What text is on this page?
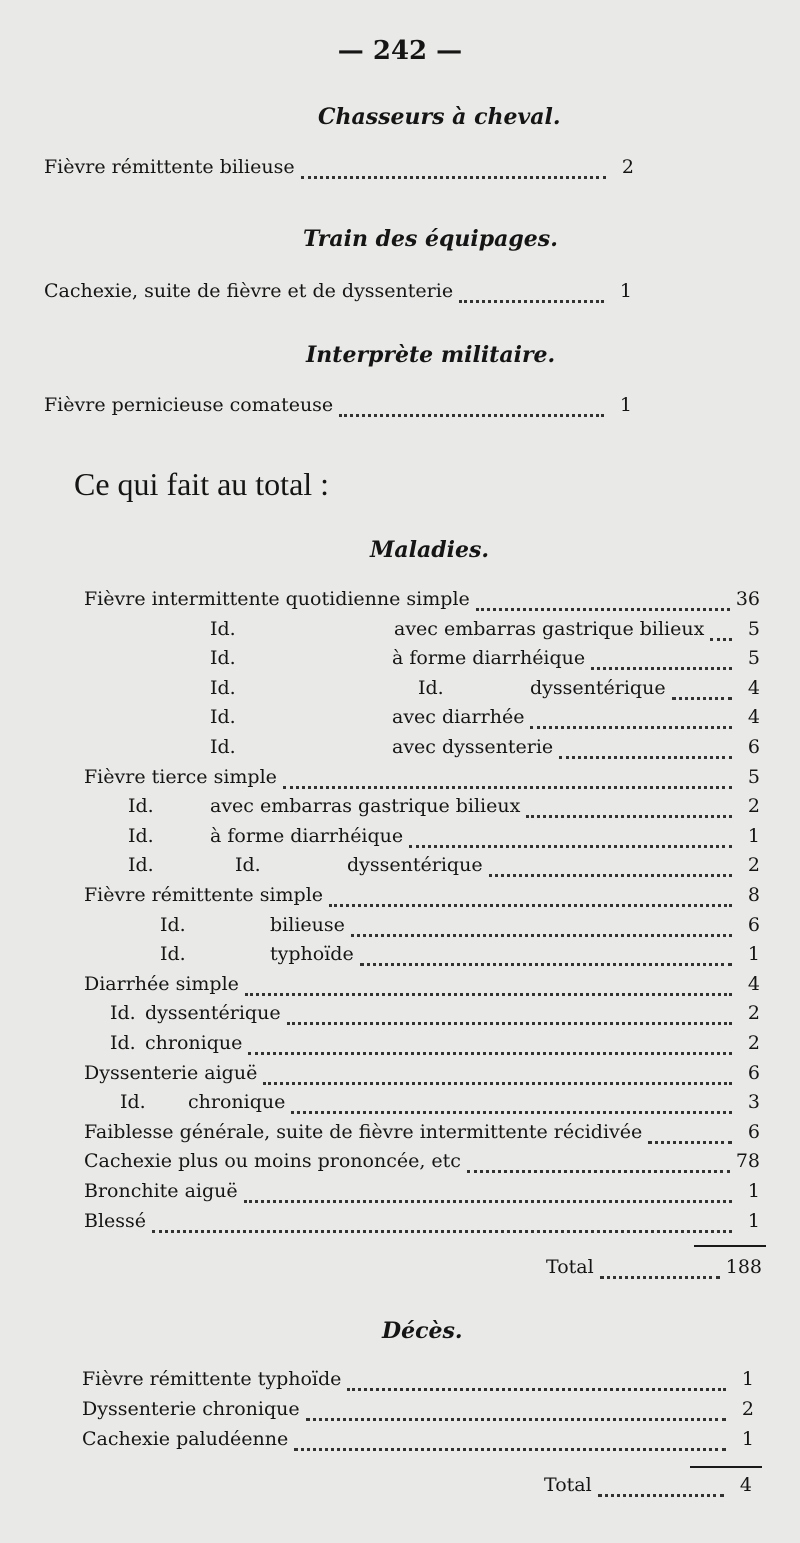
— 242 —
Chasseurs à cheval.
Fièvre rémittente bilieuse	2
Train des équipages.
Cachexie, suite de fièvre et de dyssenterie	1
Interprète militaire.
Fièvre pernicieuse comateuse	1
Ce qui fait au total :
Maladies.
Fièvre intermittente quotidienne simple	36
Id.	avec embarras gastrique bilieux	5
Id.	à forme diarrhéique	5
Id.	Id.	dyssentérique	4
Id.	avec diarrhée	4
Id.	avec dyssenterie	6
Fièvre tierce simple	5
Id.	avec embarras gastrique bilieux	2
Id.	à forme diarrhéique	1
Id.	Id.	dyssentérique	2
Fièvre rémittente simple	8
Id.	bilieuse	6
Id.	typhoïde	1
Diarrhée simple	4
Id. dyssentérique	2
Id. chronique	2
Dyssenterie aiguë	6
Id. chronique	3
Faiblesse générale, suite de fièvre intermittente récidivée	6
Cachexie plus ou moins prononcée, etc	78
Bronchite aiguë	1
Blessé	1
Total	188
Décès.
Fièvre rémittente typhoïde	1
Dyssenterie chronique	2
Cachexie paludéenne	1
Total	4
